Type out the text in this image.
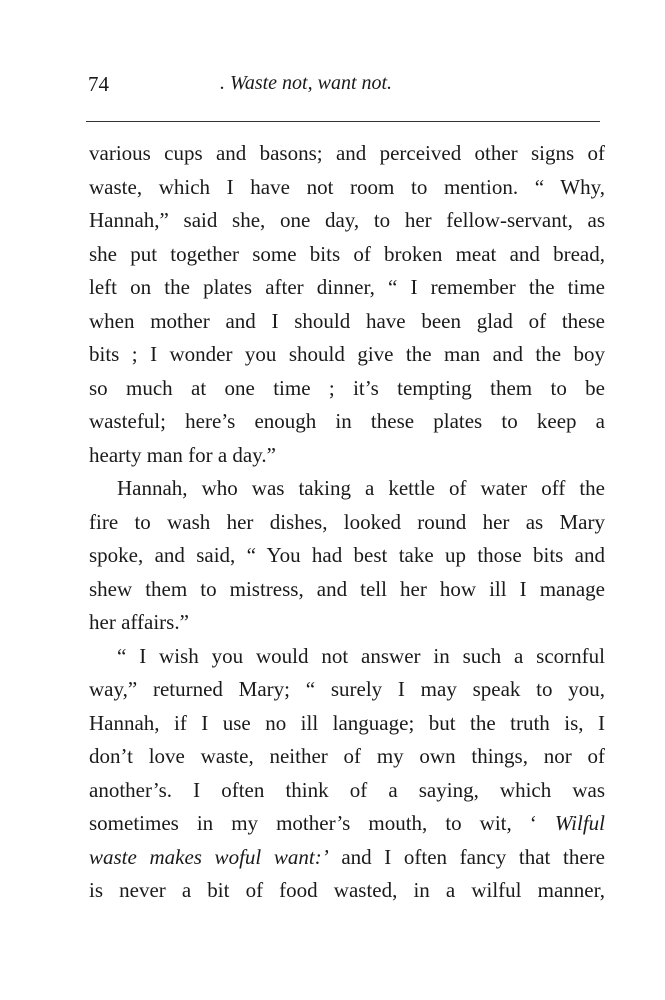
74	. Waste not, want not.
various cups and basons; and perceived other signs of
waste, which I have not room to mention. “ Why,
Hannah,” said she, one day, to her fellow-servant, as
she put together some bits of broken meat and bread,
left on the plates after dinner, “ I remember the time
when mother and I should have been glad of these
bits ; I wonder you should give the man and the boy
so much at one time ; it’s tempting them to be
wasteful; here’s enough in these plates to keep a
hearty man for a day.”
Hannah, who was taking a kettle of water off the
fire to wash her dishes, looked round her as Mary
spoke, and said, “ You had best take up those bits and
shew them to mistress, and tell her how ill I manage
her affairs.”
“ I wish you would not answer in such a scornful
way,” returned Mary; “ surely I may speak to you,
Hannah, if I use no ill language; but the truth is, I
don’t love waste, neither of my own things, nor of
another’s. I often think of a saying, which was
sometimes in my mother’s mouth, to wit, ‘ Wilful
waste makes woful want:’ and I often fancy that there
is never a bit of food wasted, in a wilful manner,
